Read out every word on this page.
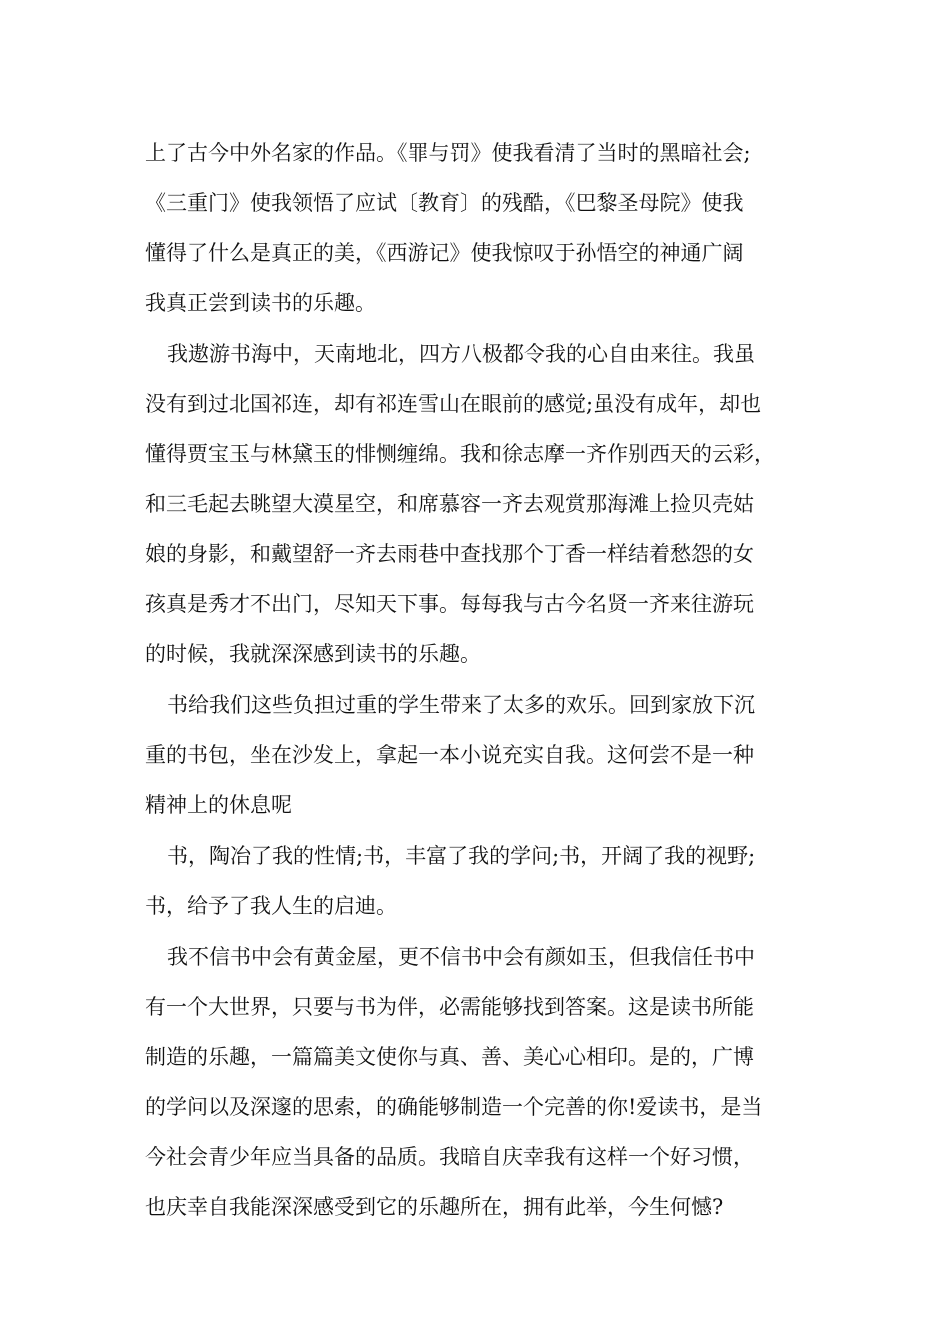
上了古今中外名家的作品。《罪与罚》使我看清了当时的黑暗社会;
《三重门》使我领悟了应试〔教育〕的残酷，《巴黎圣母院》使我
懂得了什么是真正的美，《西游记》使我惊叹于孙悟空的神通广阔
我真正尝到读书的乐趣。
我遨游书海中，天南地北，四方八极都令我的心自由来往。我虽
没有到过北国祁连，却有祁连雪山在眼前的感觉;虽没有成年，却也
懂得贾宝玉与林黛玉的悱恻缠绵。我和徐志摩一齐作别西天的云彩，
和三毛起去眺望大漠星空，和席慕容一齐去观赏那海滩上捡贝壳姑
娘的身影，和戴望舒一齐去雨巷中查找那个丁香一样结着愁怨的女
孩真是秀才不出门，尽知天下事。每每我与古今名贤一齐来往游玩
的时候，我就深深感到读书的乐趣。
书给我们这些负担过重的学生带来了太多的欢乐。回到家放下沉
重的书包，坐在沙发上，拿起一本小说充实自我。这何尝不是一种
精神上的休息呢
书，陶冶了我的性情;书，丰富了我的学问;书，开阔了我的视野;
书，给予了我人生的启迪。
我不信书中会有黄金屋，更不信书中会有颜如玉，但我信任书中
有一个大世界，只要与书为伴，必需能够找到答案。这是读书所能
制造的乐趣，一篇篇美文使你与真、善、美心心相印。是的，广博
的学问以及深邃的思索，的确能够制造一个完善的你!爱读书，是当
今社会青少年应当具备的品质。我暗自庆幸我有这样一个好习惯，
也庆幸自我能深深感受到它的乐趣所在，拥有此举，今生何憾?
